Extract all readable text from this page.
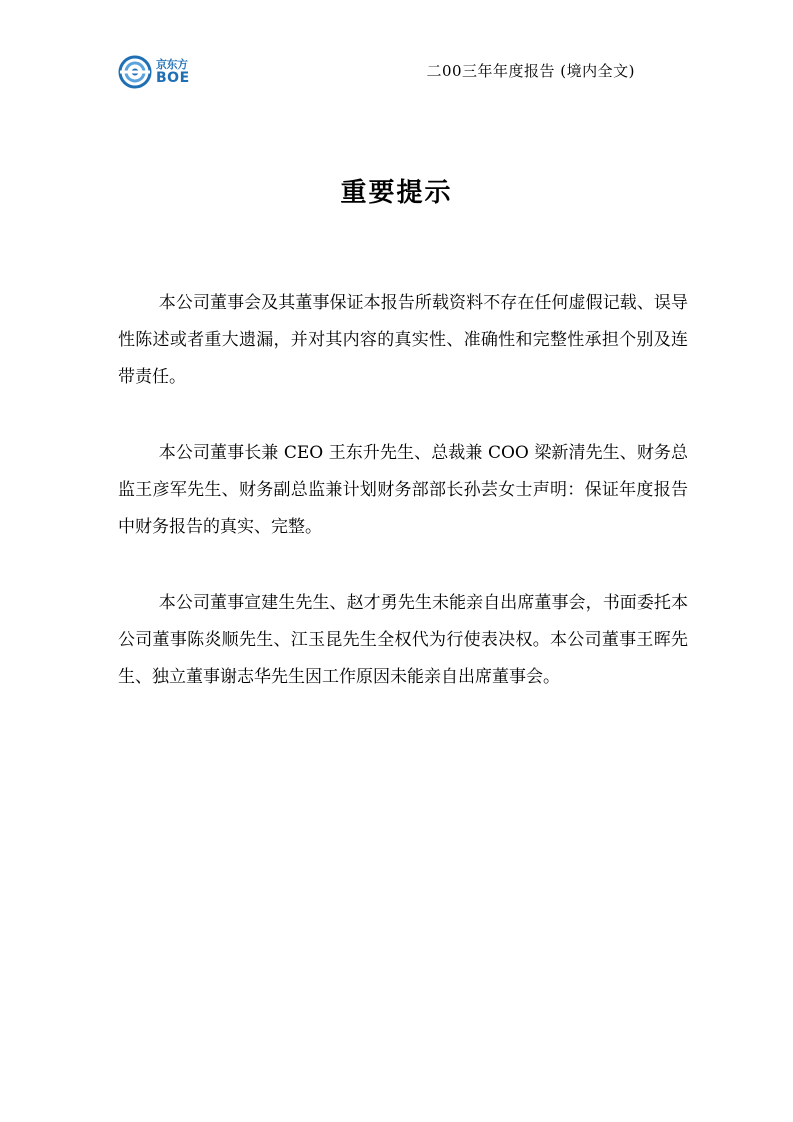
京东方
BOE	二00三年年度报告 (境内全文)
重要提示

本公司董事会及其董事保证本报告所载资料不存在任何虚假记载、误导性陈述或者重大遗漏，并对其内容的真实性、准确性和完整性承担个别及连带责任。

本公司董事长兼 CEO 王东升先生、总裁兼 COO 梁新清先生、财务总监王彦军先生、财务副总监兼计划财务部部长孙芸女士声明：保证年度报告中财务报告的真实、完整。

本公司董事宣建生先生、赵才勇先生未能亲自出席董事会，书面委托本公司董事陈炎顺先生、江玉昆先生全权代为行使表决权。本公司董事王晖先生、独立董事谢志华先生因工作原因未能亲自出席董事会。
